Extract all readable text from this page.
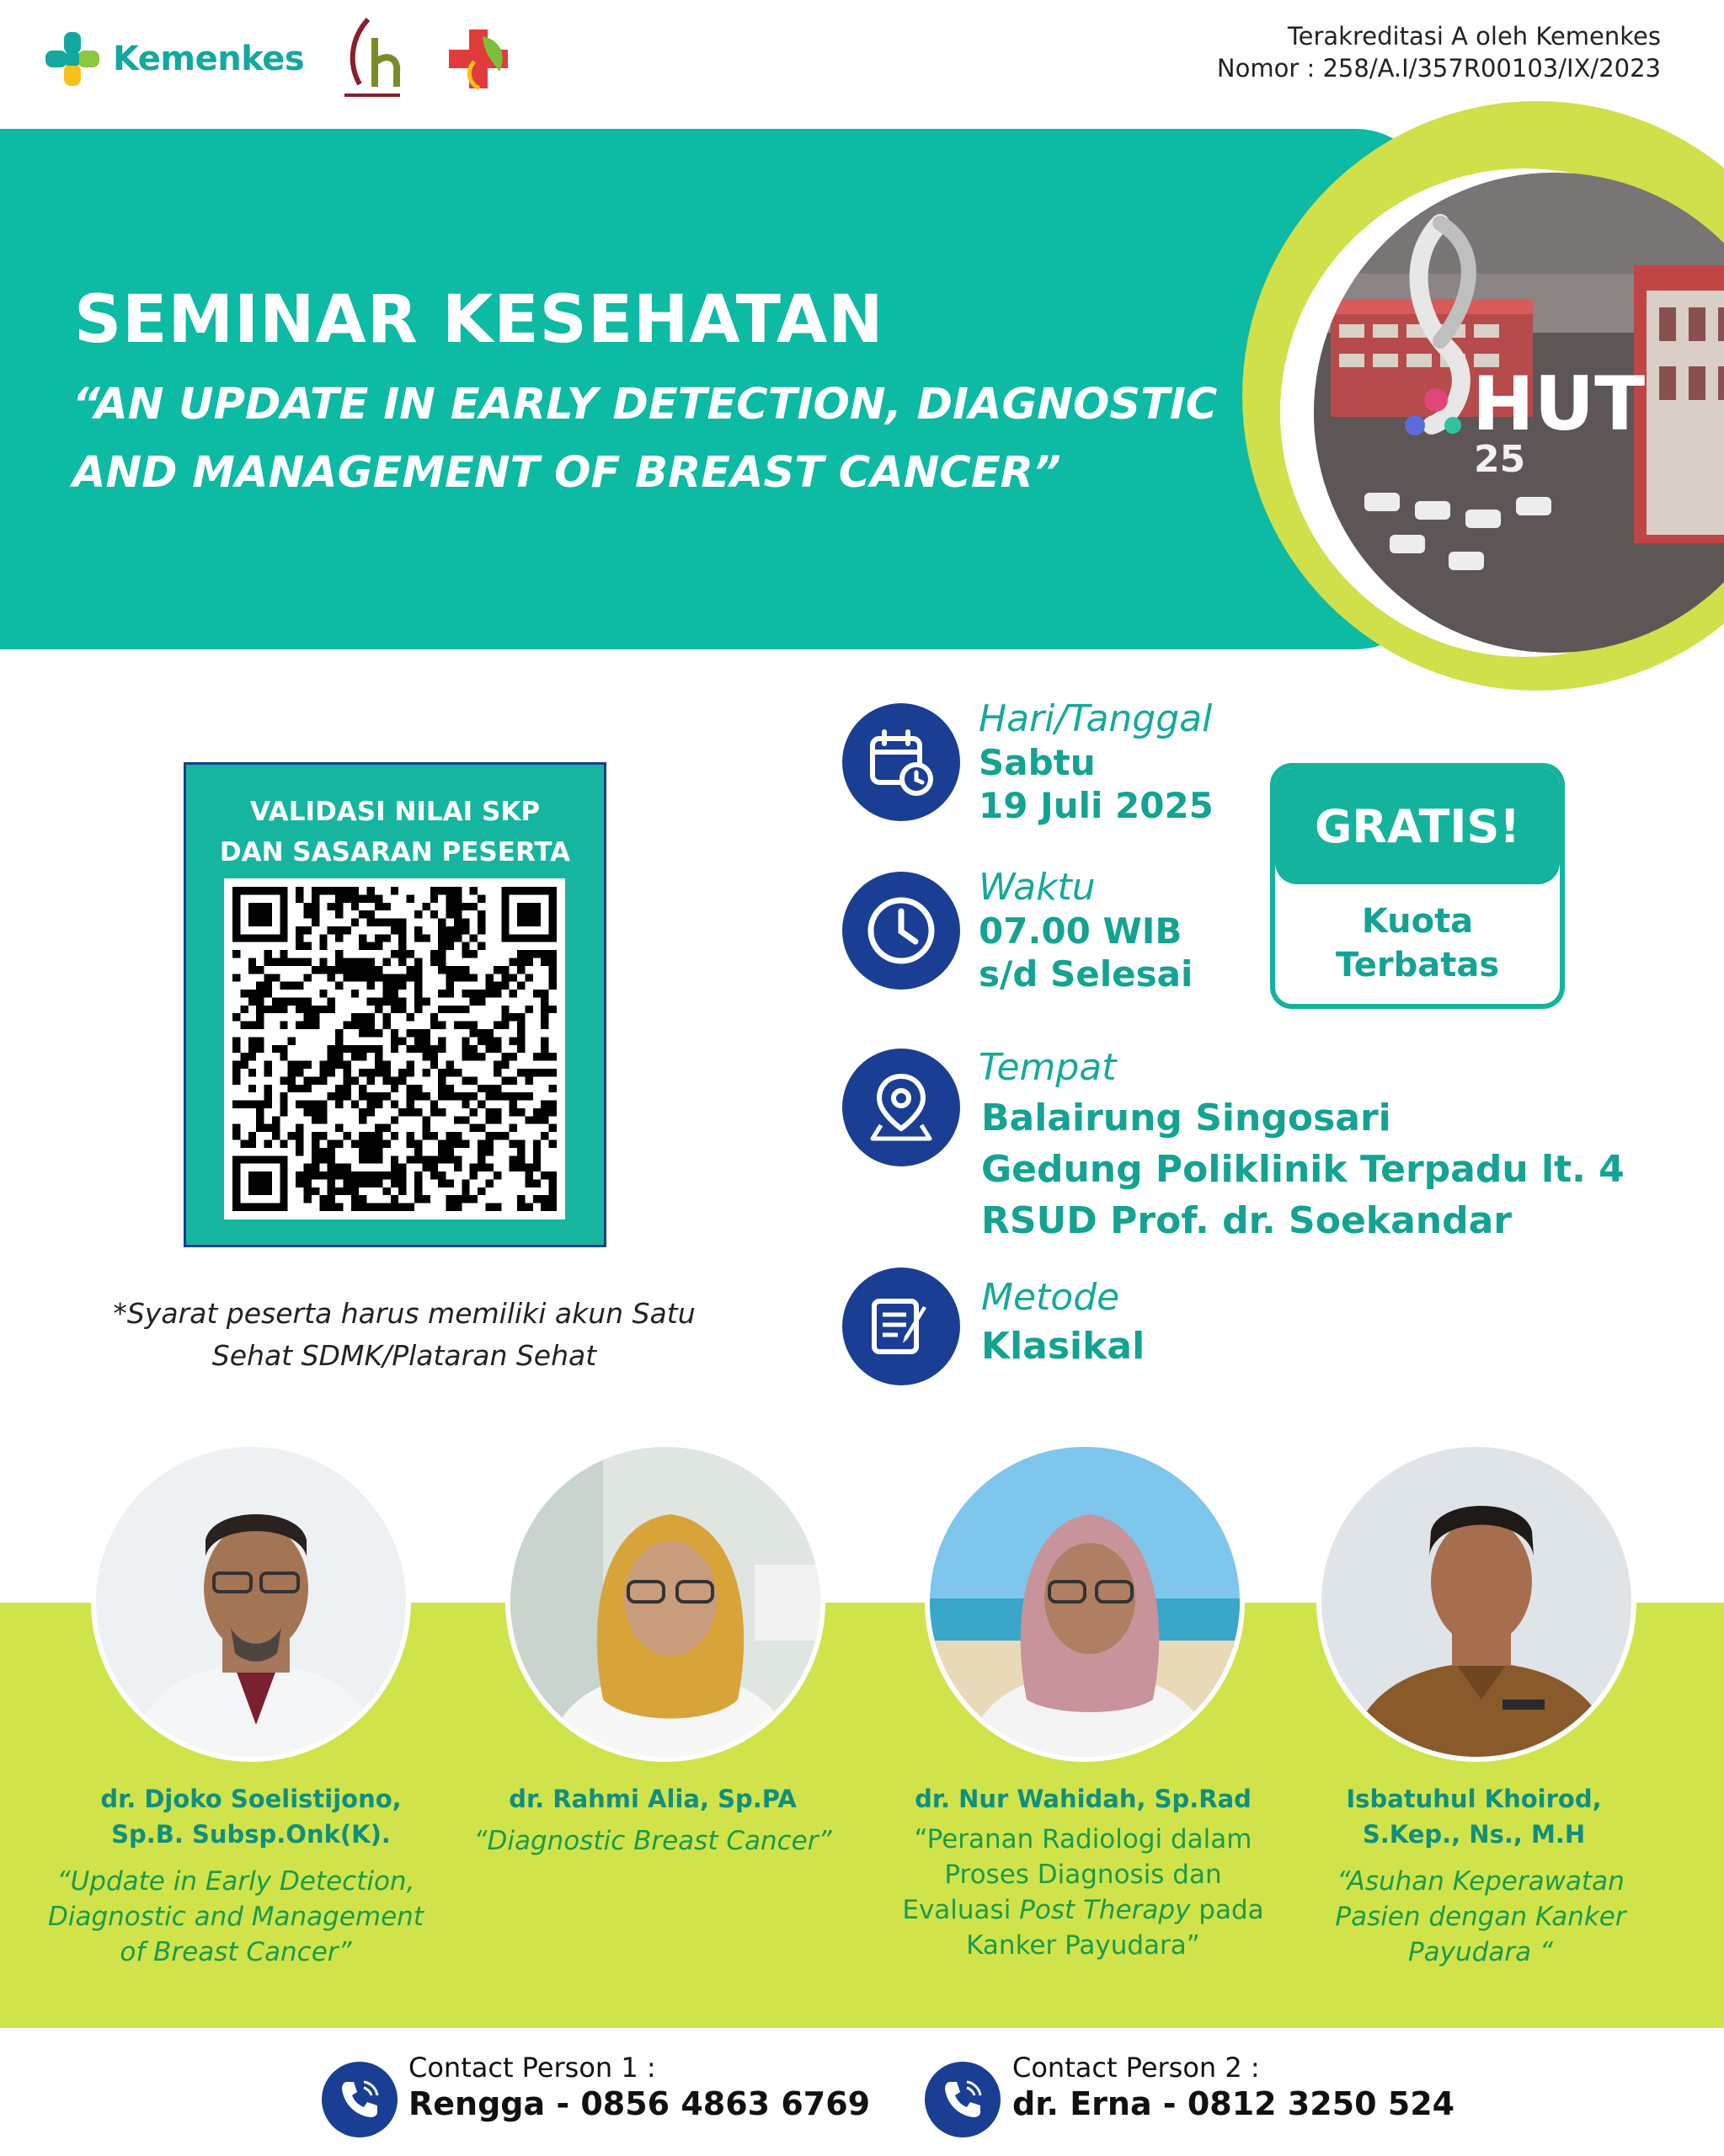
Kemenkes
Terakreditasi A oleh Kemenkes
Nomor : 258/A.I/357R00103/IX/2023
SEMINAR KESEHATAN
“AN UPDATE IN EARLY DETECTION, DIAGNOSTIC
AND MANAGEMENT OF BREAST CANCER”
HUT
25
VALIDASI NILAI SKP
DAN SASARAN PESERTA
*Syarat peserta harus memiliki akun Satu
Sehat SDMK/Plataran Sehat
Hari/Tanggal
Sabtu
19 Juli 2025
Waktu
07.00 WIB
s/d Selesai
GRATIS!
Kuota
Terbatas
Tempat
Balairung Singosari
Gedung Poliklinik Terpadu lt. 4
RSUD Prof. dr. Soekandar
Metode
Klasikal
dr. Djoko Soelistijono,
Sp.B. Subsp.Onk(K).
“Update in Early Detection,
Diagnostic and Management
of Breast Cancer”
dr. Rahmi Alia, Sp.PA
“Diagnostic Breast Cancer”
dr. Nur Wahidah, Sp.Rad
“Peranan Radiologi dalam
Proses Diagnosis dan
Evaluasi Post Therapy pada
Kanker Payudara”
Isbatuhul Khoirod,
S.Kep., Ns., M.H
“Asuhan Keperawatan
Pasien dengan Kanker
Payudara “
Contact Person 1 :
Rengga - 0856 4863 6769
Contact Person 2 :
dr. Erna - 0812 3250 524
